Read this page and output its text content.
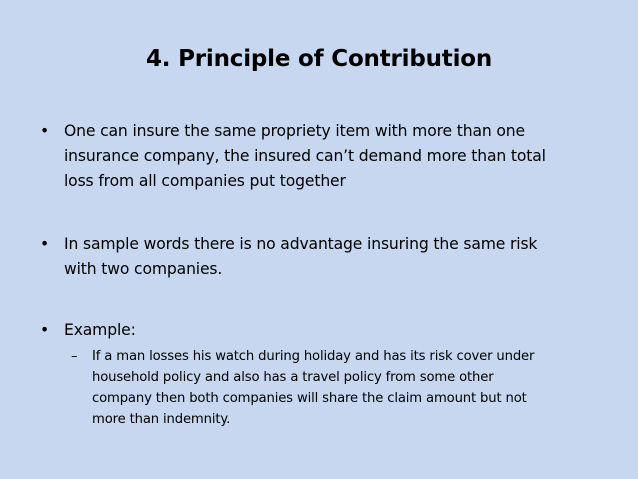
4. Principle of Contribution
• One can insure the same propriety item with more than one
insurance company, the insured can’t demand more than total
loss from all companies put together
• In sample words there is no advantage insuring the same risk
with two companies.
• Example:
–	If a man losses his watch during holiday and has its risk cover under
household policy and also has a travel policy from some other
company then both companies will share the claim amount but not
more than indemnity.
